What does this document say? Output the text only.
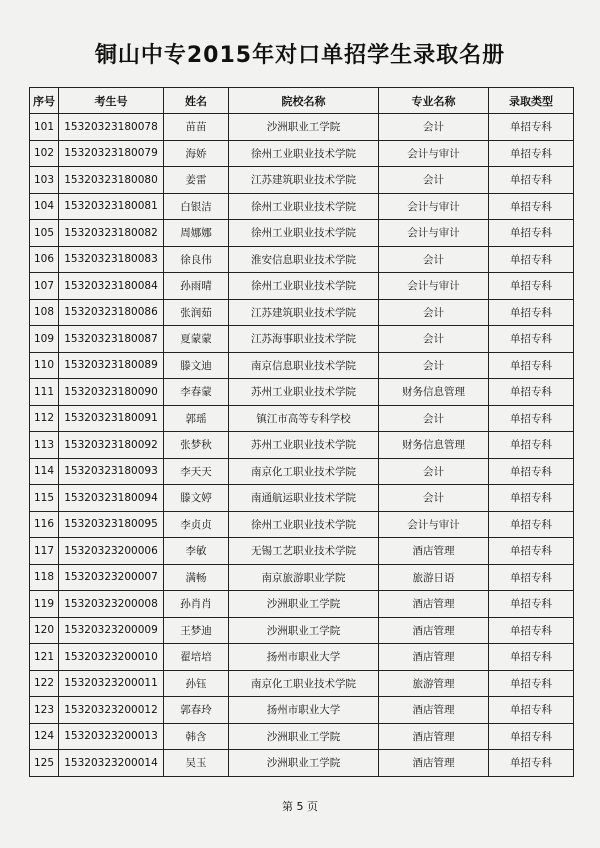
铜山中专2015年对口单招学生录取名册
序号	考生号	姓名	院校名称	专业名称	录取类型
101	15320323180078	苗苗	沙洲职业工学院	会计	单招专科
102	15320323180079	海娇	徐州工业职业技术学院	会计与审计	单招专科
103	15320323180080	姜雷	江苏建筑职业技术学院	会计	单招专科
104	15320323180081	白银洁	徐州工业职业技术学院	会计与审计	单招专科
105	15320323180082	周娜娜	徐州工业职业技术学院	会计与审计	单招专科
106	15320323180083	徐良伟	淮安信息职业技术学院	会计	单招专科
107	15320323180084	孙雨晴	徐州工业职业技术学院	会计与审计	单招专科
108	15320323180086	张润茹	江苏建筑职业技术学院	会计	单招专科
109	15320323180087	夏蒙蒙	江苏海事职业技术学院	会计	单招专科
110	15320323180089	滕文迪	南京信息职业技术学院	会计	单招专科
111	15320323180090	李春蒙	苏州工业职业技术学院	财务信息管理	单招专科
112	15320323180091	郭瑶	镇江市高等专科学校	会计	单招专科
113	15320323180092	张梦秋	苏州工业职业技术学院	财务信息管理	单招专科
114	15320323180093	李天天	南京化工职业技术学院	会计	单招专科
115	15320323180094	滕文婷	南通航运职业技术学院	会计	单招专科
116	15320323180095	李贞贞	徐州工业职业技术学院	会计与审计	单招专科
117	15320323200006	李敏	无锡工艺职业技术学院	酒店管理	单招专科
118	15320323200007	满畅	南京旅游职业学院	旅游日语	单招专科
119	15320323200008	孙肖肖	沙洲职业工学院	酒店管理	单招专科
120	15320323200009	王梦迪	沙洲职业工学院	酒店管理	单招专科
121	15320323200010	翟培培	扬州市职业大学	酒店管理	单招专科
122	15320323200011	孙钰	南京化工职业技术学院	旅游管理	单招专科
123	15320323200012	郭春玲	扬州市职业大学	酒店管理	单招专科
124	15320323200013	韩含	沙洲职业工学院	酒店管理	单招专科
125	15320323200014	吴玉	沙洲职业工学院	酒店管理	单招专科
第 5 页
